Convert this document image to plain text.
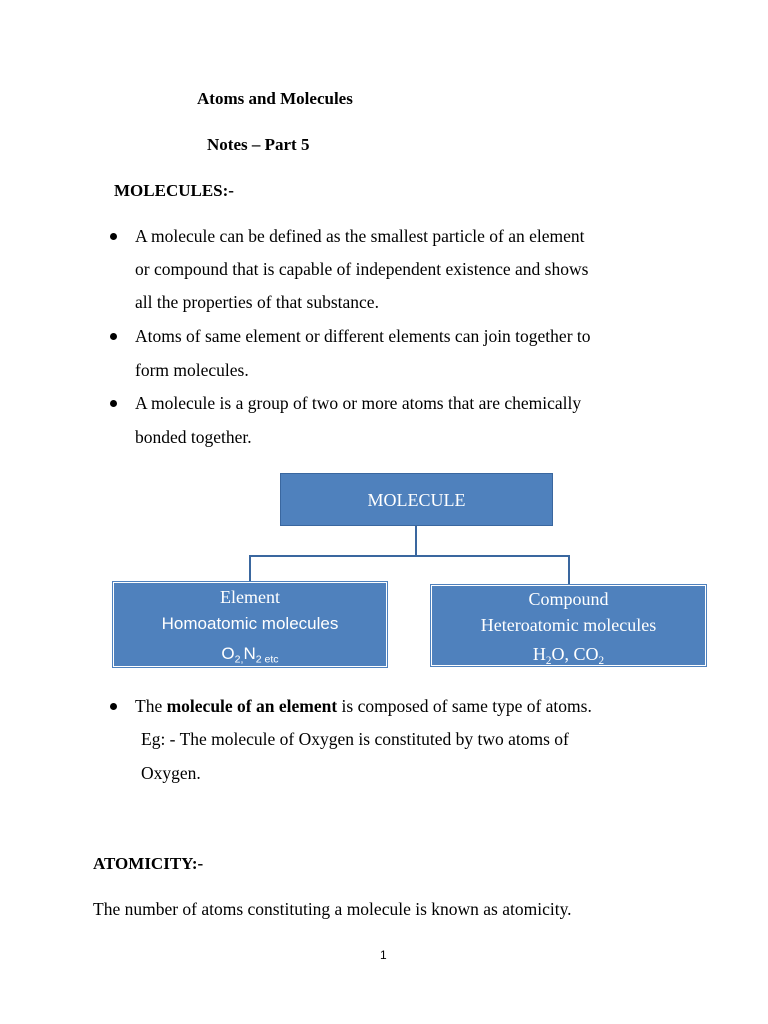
Atoms and Molecules
Notes – Part 5
MOLECULES:-
A molecule can be defined as the smallest particle of an element
or compound that is capable of independent existence and shows
all the properties of that substance.
Atoms of same element or different elements can join together to
form molecules.
A molecule is a group of two or more atoms that are chemically
bonded together.
MOLECULE
Element
Homoatomic molecules
$O_{2,}N_{2 etc}$
Compound
Heteroatomic molecules
$H_2O$, $CO_2$
The molecule of an element is composed of same type of atoms.
Eg: - The molecule of Oxygen is constituted by two atoms of
Oxygen.
ATOMICITY:-
The number of atoms constituting a molecule is known as atomicity.
1
